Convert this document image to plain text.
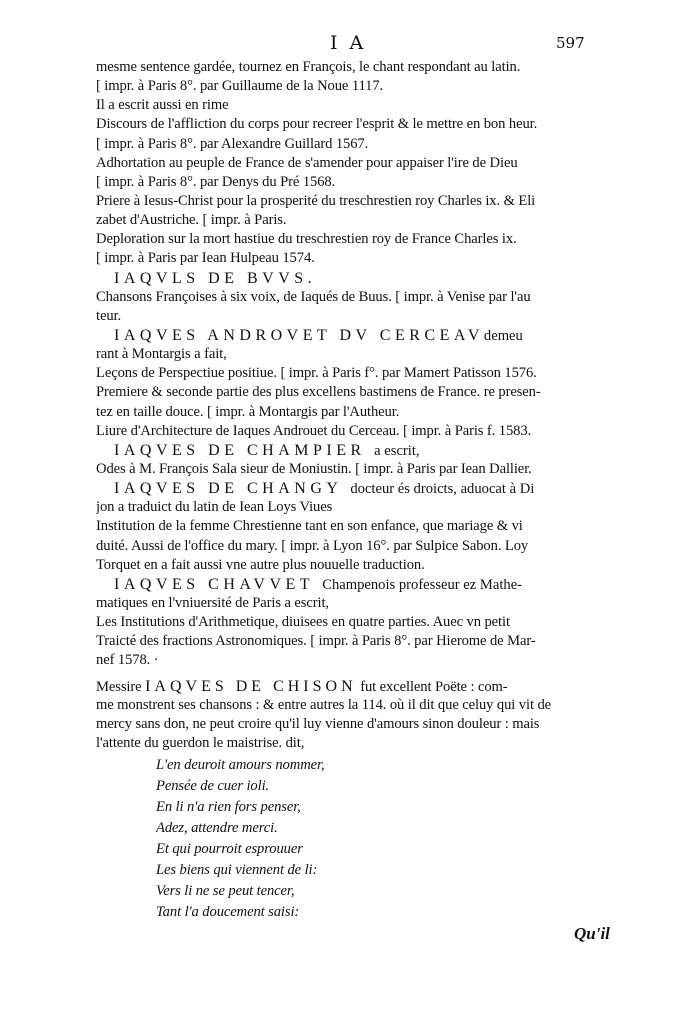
I A	597
mesme sentence gardée, tournez en François, le chant respondant au latin.
[ impr. à Paris 8°. par Guillaume de la Noue 1117.
Il a escrit aussi en rime
Discours de l'affliction du corps pour recreer l'esprit & le mettre en bon heur.
[ impr. à Paris 8°. par Alexandre Guillard 1567.
Adhortation au peuple de France de s'amender pour appaiser l'ire de Dieu
[ impr. à Paris 8°. par Denys du Pré 1568.
Priere à Iesus-Christ pour la prosperité du treschrestien roy Charles ix. & Eli
zabet d'Austriche. [ impr. à Paris.
Deploration sur la mort hastiue du treschrestien roy de France Charles ix.
[ impr. à Paris par Iean Hulpeau 1574.
IAQVLS DE BVVS.
Chansons Françoises à six voix, de Iaqués de Buus. [ impr. à Venise par l'au
teur.
IAQVES ANDROVET DV CERCEAVdemeu
rant à Montargis a fait,
Leçons de Perspectiue positiue. [ impr. à Paris f°. par Mamert Patisson 1576.
Premiere & seconde partie des plus excellens bastimens de France. re presen-
tez en taille douce. [ impr. à Montargis par l'Autheur.
Liure d'Architecture de Iaques Androuet du Cerceau. [ impr. à Paris f. 1583.
IAQVES DE CHAMPIER a escrit,
Odes à M. François Sala sieur de Moniustin. [ impr. à Paris par Iean Dallier.
IAQVES DE CHANGY docteur és droicts, aduocat à Di
jon a traduict du latin de Iean Loys Viues
Institution de la femme Chrestienne tant en son enfance, que mariage & vi
duité. Aussi de l'office du mary. [ impr. à Lyon 16°. par Sulpice Sabon. Loy
Torquet en a fait aussi vne autre plus nouuelle traduction.
IAQVES CHAVVET Champenois professeur ez Mathe-
matiques en l'vniuersité de Paris a escrit,
Les Institutions d'Arithmetique, diuisees en quatre parties. Auec vn petit
Traicté des fractions Astronomiques. [ impr. à Paris 8°. par Hierome de Mar-
nef 1578. ·
Messire IAQVES DE CHISON fut excellent Poëte : com-
me monstrent ses chansons : & entre autres la 114. où il dit que celuy qui vit de
mercy sans don, ne peut croire qu'il luy vienne d'amours sinon douleur : mais
l'attente du guerdon le maistrise. dit,
L'en deuroit amours nommer,
Pensée de cuer ioli.
En li n'a rien fors penser,
Adez, attendre merci.
Et qui pourroit esprouuer
Les biens qui viennent de li:
Vers li ne se peut tencer,
Tant l'a doucement saisi:
Qu'il
